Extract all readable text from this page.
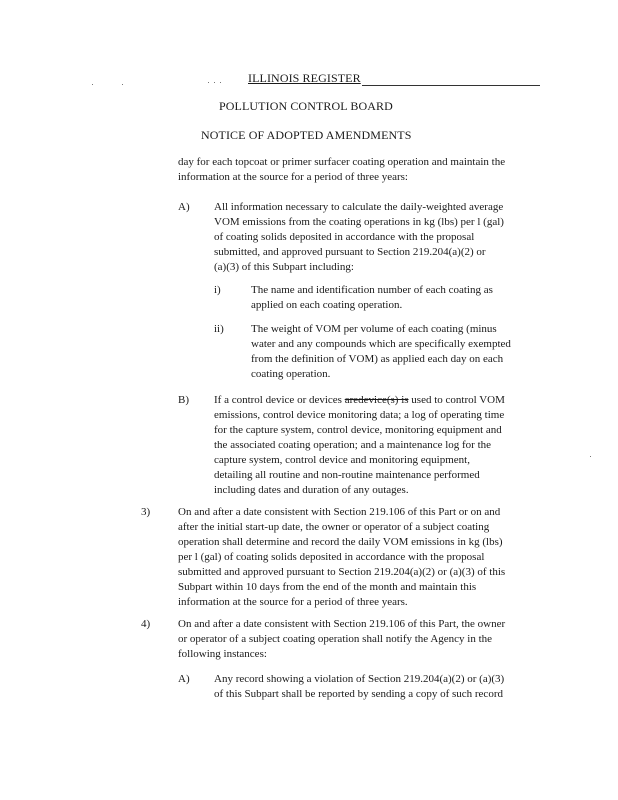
ILLINOIS REGISTER
POLLUTION CONTROL BOARD
NOTICE OF ADOPTED AMENDMENTS
day for each topcoat or primer surfacer coating operation and maintain the
information at the source for a period of three years:
A) All information necessary to calculate the daily-weighted average
VOM emissions from the coating operations in kg (lbs) per l (gal)
of coating solids deposited in accordance with the proposal
submitted, and approved pursuant to Section 219.204(a)(2) or
(a)(3) of this Subpart including:
i)	The name and identification number of each coating as
applied on each coating operation.
ii) The weight of VOM per volume of each coating (minus
water and any compounds which are specifically exempted
from the definition of VOM) as applied each day on each
coating operation.
B) If a control device or devices aredevice(s) is used to control VOM
emissions, control device monitoring data; a log of operating time
for the capture system, control device, monitoring equipment and
the associated coating operation; and a maintenance log for the
capture system, control device and monitoring equipment,
detailing all routine and non-routine maintenance performed
including dates and duration of any outages.
3)	On and after a date consistent with Section 219.106 of this Part or on and
after the initial start-up date, the owner or operator of a subject coating
operation shall determine and record the daily VOM emissions in kg (lbs)
per l (gal) of coating solids deposited in accordance with the proposal
submitted and approved pursuant to Section 219.204(a)(2) or (a)(3) of this
Subpart within 10 days from the end of the month and maintain this
information at the source for a period of three years.
4)	On and after a date consistent with Section 219.106 of this Part, the owner
or operator of a subject coating operation shall notify the Agency in the
following instances:
A) Any record showing a violation of Section 219.204(a)(2) or (a)(3)
of this Subpart shall be reported by sending a copy of such record
